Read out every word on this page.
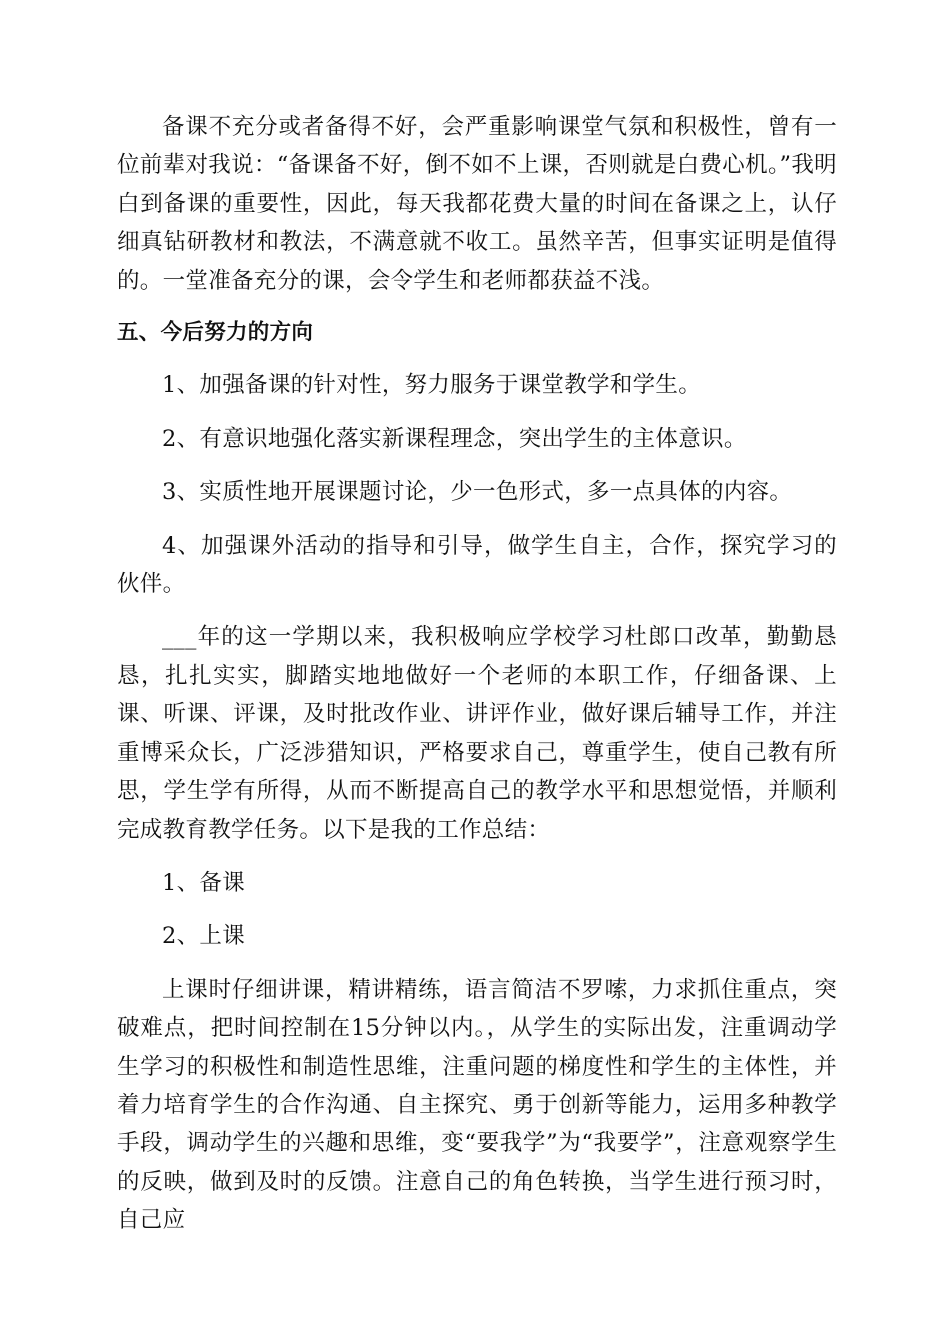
备课不充分或者备得不好，会严重影响课堂气氛和积极性，曾有一位前辈对我说：“备课备不好，倒不如不上课，否则就是白费心机。”我明白到备课的重要性，因此，每天我都花费大量的时间在备课之上，认仔细真钻研教材和教法，不满意就不收工。虽然辛苦，但事实证明是值得的。一堂准备充分的课，会令学生和老师都获益不浅。

五、今后努力的方向

1、加强备课的针对性，努力服务于课堂教学和学生。

2、有意识地强化落实新课程理念，突出学生的主体意识。

3、实质性地开展课题讨论，少一色形式，多一点具体的内容。

4、加强课外活动的指导和引导，做学生自主，合作，探究学习的伙伴。

___年的这一学期以来，我积极响应学校学习杜郎口改革，勤勤恳恳，扎扎实实，脚踏实地地做好一个老师的本职工作，仔细备课、上课、听课、评课，及时批改作业、讲评作业，做好课后辅导工作，并注重博采众长，广泛涉猎知识，严格要求自己，尊重学生，使自己教有所思，学生学有所得，从而不断提高自己的教学水平和思想觉悟，并顺利完成教育教学任务。以下是我的工作总结：

1、备课

2、上课

上课时仔细讲课，精讲精练，语言简洁不罗嗦，力求抓住重点，突破难点，把时间控制在15分钟以内。，从学生的实际出发，注重调动学生学习的积极性和制造性思维，注重问题的梯度性和学生的主体性，并着力培育学生的合作沟通、自主探究、勇于创新等能力，运用多种教学手段，调动学生的兴趣和思维，变“要我学”为“我要学”，注意观察学生的反映，做到及时的反馈。注意自己的角色转换，当学生进行预习时，自己应
